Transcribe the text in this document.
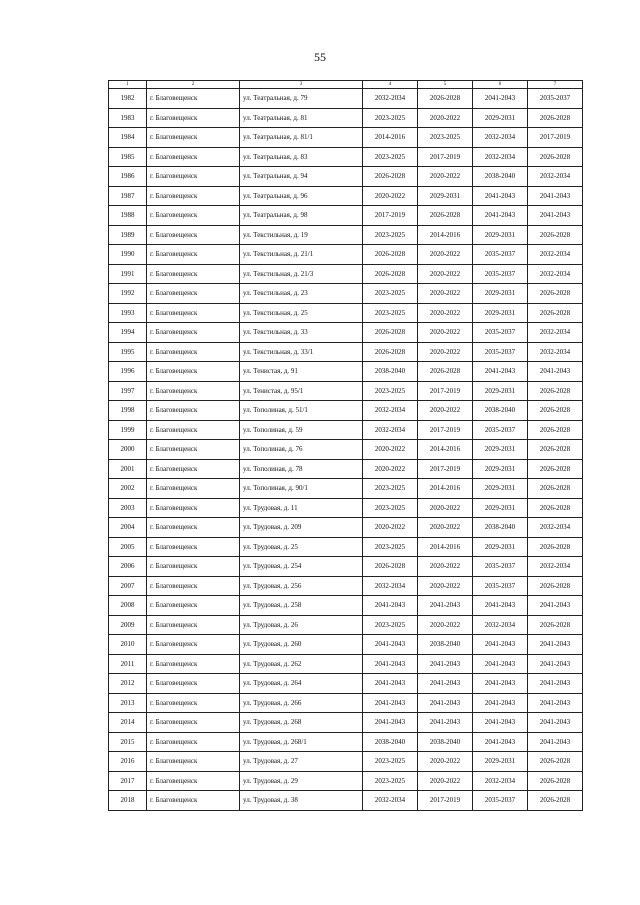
55
1	2	3	4	5	6	7
1982	г. Благовещенск	ул. Театральная, д. 79	2032-2034	2026-2028	2041-2043	2035-2037
1983	г. Благовещенск	ул. Театральная, д. 81	2023-2025	2020-2022	2029-2031	2026-2028
1984	г. Благовещенск	ул. Театральная, д. 81/1	2014-2016	2023-2025	2032-2034	2017-2019
1985	г. Благовещенск	ул. Театральная, д. 83	2023-2025	2017-2019	2032-2034	2026-2028
1986	г. Благовещенск	ул. Театральная, д. 94	2026-2028	2020-2022	2038-2040	2032-2034
1987	г. Благовещенск	ул. Театральная, д. 96	2020-2022	2029-2031	2041-2043	2041-2043
1988	г. Благовещенск	ул. Театральная, д. 98	2017-2019	2026-2028	2041-2043	2041-2043
1989	г. Благовещенск	ул. Текстильная, д. 19	2023-2025	2014-2016	2029-2031	2026-2028
1990	г. Благовещенск	ул. Текстильная, д. 21/1	2026-2028	2020-2022	2035-2037	2032-2034
1991	г. Благовещенск	ул. Текстильная, д. 21/3	2026-2028	2020-2022	2035-2037	2032-2034
1992	г. Благовещенск	ул. Текстильная, д. 23	2023-2025	2020-2022	2029-2031	2026-2028
1993	г. Благовещенск	ул. Текстильная, д. 25	2023-2025	2020-2022	2029-2031	2026-2028
1994	г. Благовещенск	ул. Текстильная, д. 33	2026-2028	2020-2022	2035-2037	2032-2034
1995	г. Благовещенск	ул. Текстильная, д. 33/1	2026-2028	2020-2022	2035-2037	2032-2034
1996	г. Благовещенск	ул. Тенистая, д. 91	2038-2040	2026-2028	2041-2043	2041-2043
1997	г. Благовещенск	ул. Тенистая, д. 95/1	2023-2025	2017-2019	2029-2031	2026-2028
1998	г. Благовещенск	ул. Тополиная, д. 51/1	2032-2034	2020-2022	2038-2040	2026-2028
1999	г. Благовещенск	ул. Тополиная, д. 59	2032-2034	2017-2019	2035-2037	2026-2028
2000	г. Благовещенск	ул. Тополиная, д. 76	2020-2022	2014-2016	2029-2031	2026-2028
2001	г. Благовещенск	ул. Тополиная, д. 78	2020-2022	2017-2019	2029-2031	2026-2028
2002	г. Благовещенск	ул. Тополиная, д. 90/1	2023-2025	2014-2016	2029-2031	2026-2028
2003	г. Благовещенск	ул. Трудовая, д. 11	2023-2025	2020-2022	2029-2031	2026-2028
2004	г. Благовещенск	ул. Трудовая, д. 209	2020-2022	2020-2022	2038-2040	2032-2034
2005	г. Благовещенск	ул. Трудовая, д. 25	2023-2025	2014-2016	2029-2031	2026-2028
2006	г. Благовещенск	ул. Трудовая, д. 254	2026-2028	2020-2022	2035-2037	2032-2034
2007	г. Благовещенск	ул. Трудовая, д. 256	2032-2034	2020-2022	2035-2037	2026-2028
2008	г. Благовещенск	ул. Трудовая, д. 258	2041-2043	2041-2043	2041-2043	2041-2043
2009	г. Благовещенск	ул. Трудовая, д. 26	2023-2025	2020-2022	2032-2034	2026-2028
2010	г. Благовещенск	ул. Трудовая, д. 260	2041-2043	2038-2040	2041-2043	2041-2043
2011	г. Благовещенск	ул. Трудовая, д. 262	2041-2043	2041-2043	2041-2043	2041-2043
2012	г. Благовещенск	ул. Трудовая, д. 264	2041-2043	2041-2043	2041-2043	2041-2043
2013	г. Благовещенск	ул. Трудовая, д. 266	2041-2043	2041-2043	2041-2043	2041-2043
2014	г. Благовещенск	ул. Трудовая, д. 268	2041-2043	2041-2043	2041-2043	2041-2043
2015	г. Благовещенск	ул. Трудовая, д. 268/1	2038-2040	2038-2040	2041-2043	2041-2043
2016	г. Благовещенск	ул. Трудовая, д. 27	2023-2025	2020-2022	2029-2031	2026-2028
2017	г. Благовещенск	ул. Трудовая, д. 29	2023-2025	2020-2022	2032-2034	2026-2028
2018	г. Благовещенск	ул. Трудовая, д. 38	2032-2034	2017-2019	2035-2037	2026-2028
